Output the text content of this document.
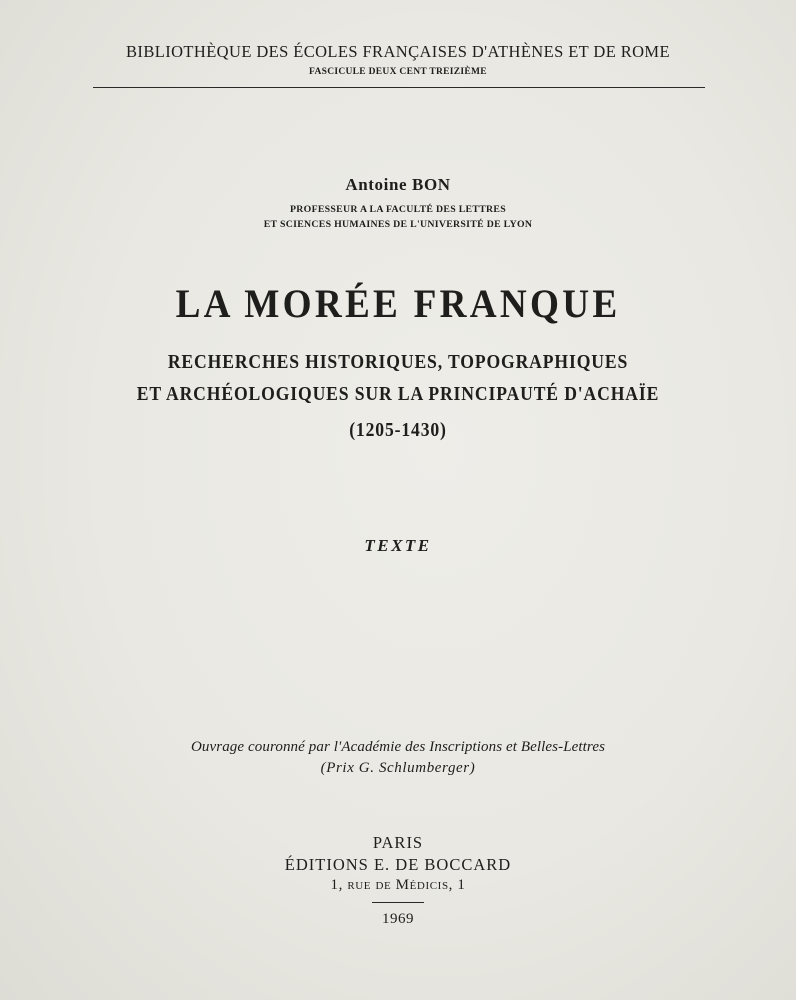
BIBLIOTHÈQUE DES ÉCOLES FRANÇAISES D'ATHÈNES ET DE ROME
FASCICULE DEUX CENT TREIZIÈME
Antoine BON
PROFESSEUR A LA FACULTÉ DES LETTRES
ET SCIENCES HUMAINES DE L'UNIVERSITÉ DE LYON
LA MORÉE FRANQUE
RECHERCHES HISTORIQUES, TOPOGRAPHIQUES
ET ARCHÉOLOGIQUES SUR LA PRINCIPAUTÉ D'ACHAÏE
(1205-1430)
TEXTE
Ouvrage couronné par l'Académie des Inscriptions et Belles-Lettres
(Prix G. Schlumberger)
PARIS
ÉDITIONS E. DE BOCCARD
1, rue de Médicis, 1
1969
